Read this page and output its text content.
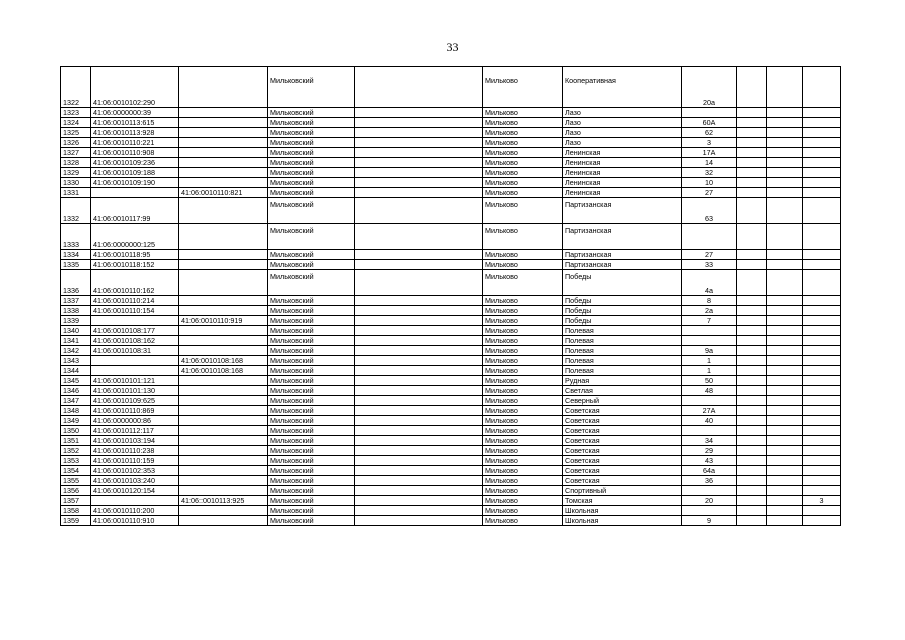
33
1322	41:06:0010102:290		Мильковский		Мильково	Кооперативная	20а			
1323	41:06:0000000:39		Мильковский		Мильково	Лазо				
1324	41:06:0010113:615		Мильковский		Мильково	Лазо	60А			
1325	41:06:0010113:928		Мильковский		Мильково	Лазо	62			
1326	41:06:0010110:221		Мильковский		Мильково	Лазо	3			
1327	41:06:0010110:908		Мильковский		Мильково	Ленинская	17А			
1328	41:06:0010109:236		Мильковский		Мильково	Ленинская	14			
1329	41:06:0010109:188		Мильковский		Мильково	Ленинская	32			
1330	41:06:0010109:190		Мильковский		Мильково	Ленинская	10			
1331		41:06:0010110:821	Мильковский		Мильково	Ленинская	27			
1332	41:06:0010117:99		Мильковский		Мильково	Партизанская	63			
1333	41:06:0000000:125		Мильковский		Мильково	Партизанская				
1334	41:06:0010118:95		Мильковский		Мильково	Партизанская	27			
1335	41:06:0010118:152		Мильковский		Мильково	Партизанская	33			
1336	41:06:0010110:162		Мильковский		Мильково	Победы	4а			
1337	41:06:0010110:214		Мильковский		Мильково	Победы	8			
1338	41:06:0010110:154		Мильковский		Мильково	Победы	2а			
1339		41:06:0010110:919	Мильковский		Мильково	Победы	7			
1340	41:06:0010108:177		Мильковский		Мильково	Полевая				
1341	41:06:0010108:162		Мильковский		Мильково	Полевая				
1342	41:06:0010108:31		Мильковский		Мильково	Полевая	9а			
1343		41:06:0010108:168	Мильковский		Мильково	Полевая	1			
1344		41:06:0010108:168	Мильковский		Мильково	Полевая	1			
1345	41:06:0010101:121		Мильковский		Мильково	Рудная	50			
1346	41:06:0010101:130		Мильковский		Мильково	Светлая	48			
1347	41:06:0010109:625		Мильковский		Мильково	Северный				
1348	41:06:0010110:869		Мильковский		Мильково	Советская	27А			
1349	41:06:0000000:86		Мильковский		Мильково	Советская	40			
1350	41:06:0010112:117		Мильковский		Мильково	Советская				
1351	41:06:0010103:194		Мильковский		Мильково	Советская	34			
1352	41:06:0010110:238		Мильковский		Мильково	Советская	29			
1353	41:06:0010110:159		Мильковский		Мильково	Советская	43			
1354	41:06:0010102:353		Мильковский		Мильково	Советская	64а			
1355	41:06:0010103:240		Мильковский		Мильково	Советская	36			
1356	41:06:0010120:154		Мильковский		Мильково	Спортивный				
1357		41:06::0010113:925	Мильковский		Мильково	Томская	20			3
1358	41:06:0010110:200		Мильковский		Мильково	Школьная				
1359	41:06:0010110:910		Мильковский		Мильково	Школьная	9			
